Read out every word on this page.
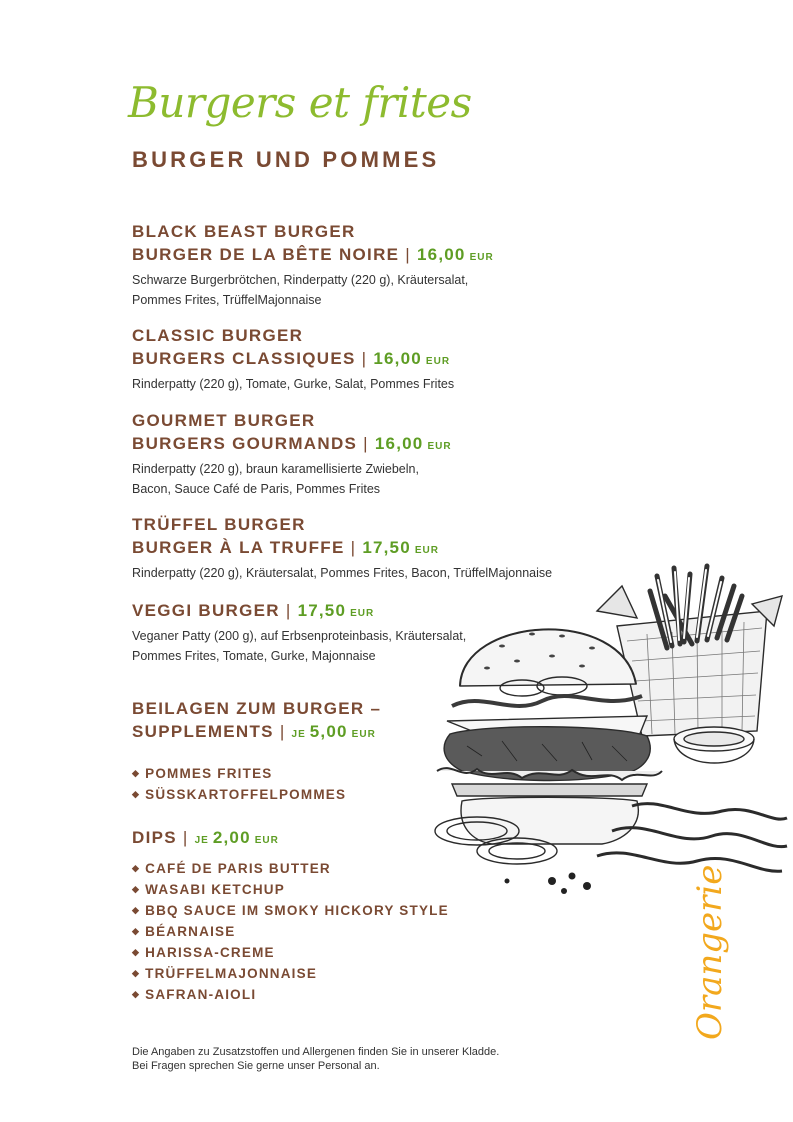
Burgers et frites
BURGER UND POMMES
BLACK BEAST BURGER
BURGER DE LA BÊTE NOIRE | 16,00 EUR
Schwarze Burgerbrötchen, Rinderpatty (220 g), Kräutersalat,
Pommes Frites, TrüffelMajonnaise
CLASSIC BURGER
BURGERS CLASSIQUES | 16,00 EUR
Rinderpatty (220 g), Tomate, Gurke, Salat, Pommes Frites
GOURMET BURGER
BURGERS GOURMANDS | 16,00 EUR
Rinderpatty (220 g), braun karamellisierte Zwiebeln,
Bacon, Sauce Café de Paris, Pommes Frites
TRÜFFEL BURGER
BURGER À LA TRUFFE | 17,50 EUR
Rinderpatty (220 g), Kräutersalat, Pommes Frites, Bacon, TrüffelMajonnaise
VEGGI BURGER | 17,50 EUR
Veganer Patty (200 g), auf Erbsenproteinbasis, Kräutersalat,
Pommes Frites, Tomate, Gurke, Majonnaise
BEILAGEN ZUM BURGER –
SUPPLEMENTS | JE 5,00 EUR
◆ POMMES FRITES
◆ SÜSSKARTOFFELPOMMES
DIPS | JE 2,00 EUR
◆ CAFÉ DE PARIS BUTTER
◆ WASABI KETCHUP
◆ BBQ SAUCE IM SMOKY HICKORY STYLE
◆ BÉARNAISE
◆ HARISSA-CREME
◆ TRÜFFELMAJONNAISE
◆ SAFRAN-AIOLI
Die Angaben zu Zusatzstoffen und Allergenen finden Sie in unserer Kladde.
Bei Fragen sprechen Sie gerne unser Personal an.
Orangerie
